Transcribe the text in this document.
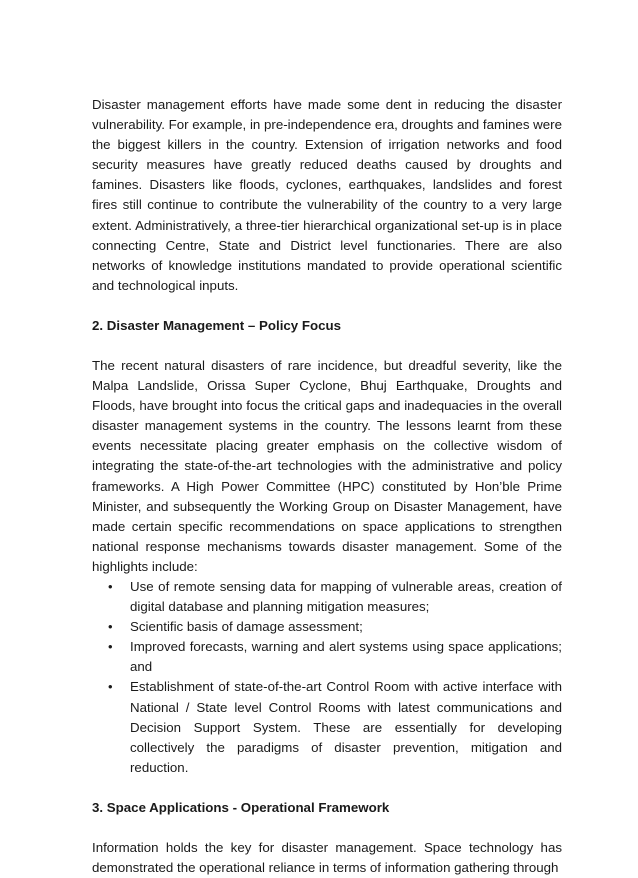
Disaster management efforts have made some dent in reducing the disaster vulnerability. For example, in pre-independence era, droughts and famines were the biggest killers in the country. Extension of irrigation networks and food security measures have greatly reduced deaths caused by droughts and famines. Disasters like floods, cyclones, earthquakes, landslides and forest fires still continue to contribute the vulnerability of the country to a very large extent. Administratively, a three-tier hierarchical organizational set-up is in place connecting Centre, State and District level functionaries. There are also networks of knowledge institutions mandated to provide operational scientific and technological inputs.

2. Disaster Management – Policy Focus

The recent natural disasters of rare incidence, but dreadful severity, like the Malpa Landslide, Orissa Super Cyclone, Bhuj Earthquake, Droughts and Floods, have brought into focus the critical gaps and inadequacies in the overall disaster management systems in the country. The lessons learnt from these events necessitate placing greater emphasis on the collective wisdom of integrating the state-of-the-art technologies with the administrative and policy frameworks. A High Power Committee (HPC) constituted by Hon’ble Prime Minister, and subsequently the Working Group on Disaster Management, have made certain specific recommendations on space applications to strengthen national response mechanisms towards disaster management. Some of the highlights include:

• Use of remote sensing data for mapping of vulnerable areas, creation of digital database and planning mitigation measures;
• Scientific basis of damage assessment;
• Improved forecasts, warning and alert systems using space applications; and
• Establishment of state-of-the-art Control Room with active interface with National / State level Control Rooms with latest communications and Decision Support System. These are essentially for developing collectively the paradigms of disaster prevention, mitigation and reduction.
3. Space Applications - Operational Framework

Information holds the key for disaster management. Space technology has demonstrated the operational reliance in terms of information gathering through
